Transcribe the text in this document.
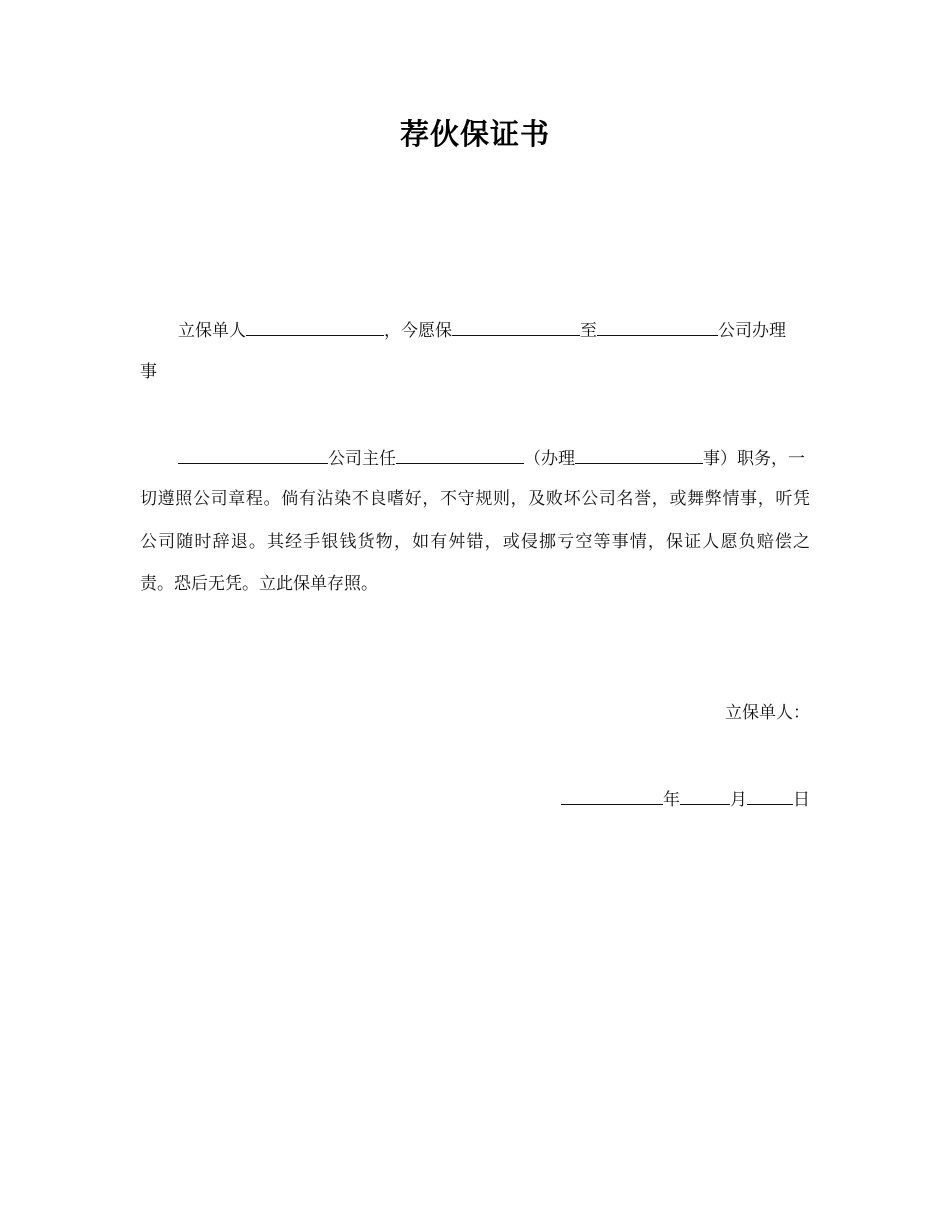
荐伙保证书
立保单人	，今愿保	至	公司办理
事
公司主任	（办理	事）职务，一
切遵照公司章程。倘有沾染不良嗜好，不守规则，及败坏公司名誉，或舞弊情事，听凭
公司随时辞退。其经手银钱货物，如有舛错，或侵挪亏空等事情，保证人愿负赔偿之
责。恐后无凭。立此保单存照。
立保单人：
年	月	日
